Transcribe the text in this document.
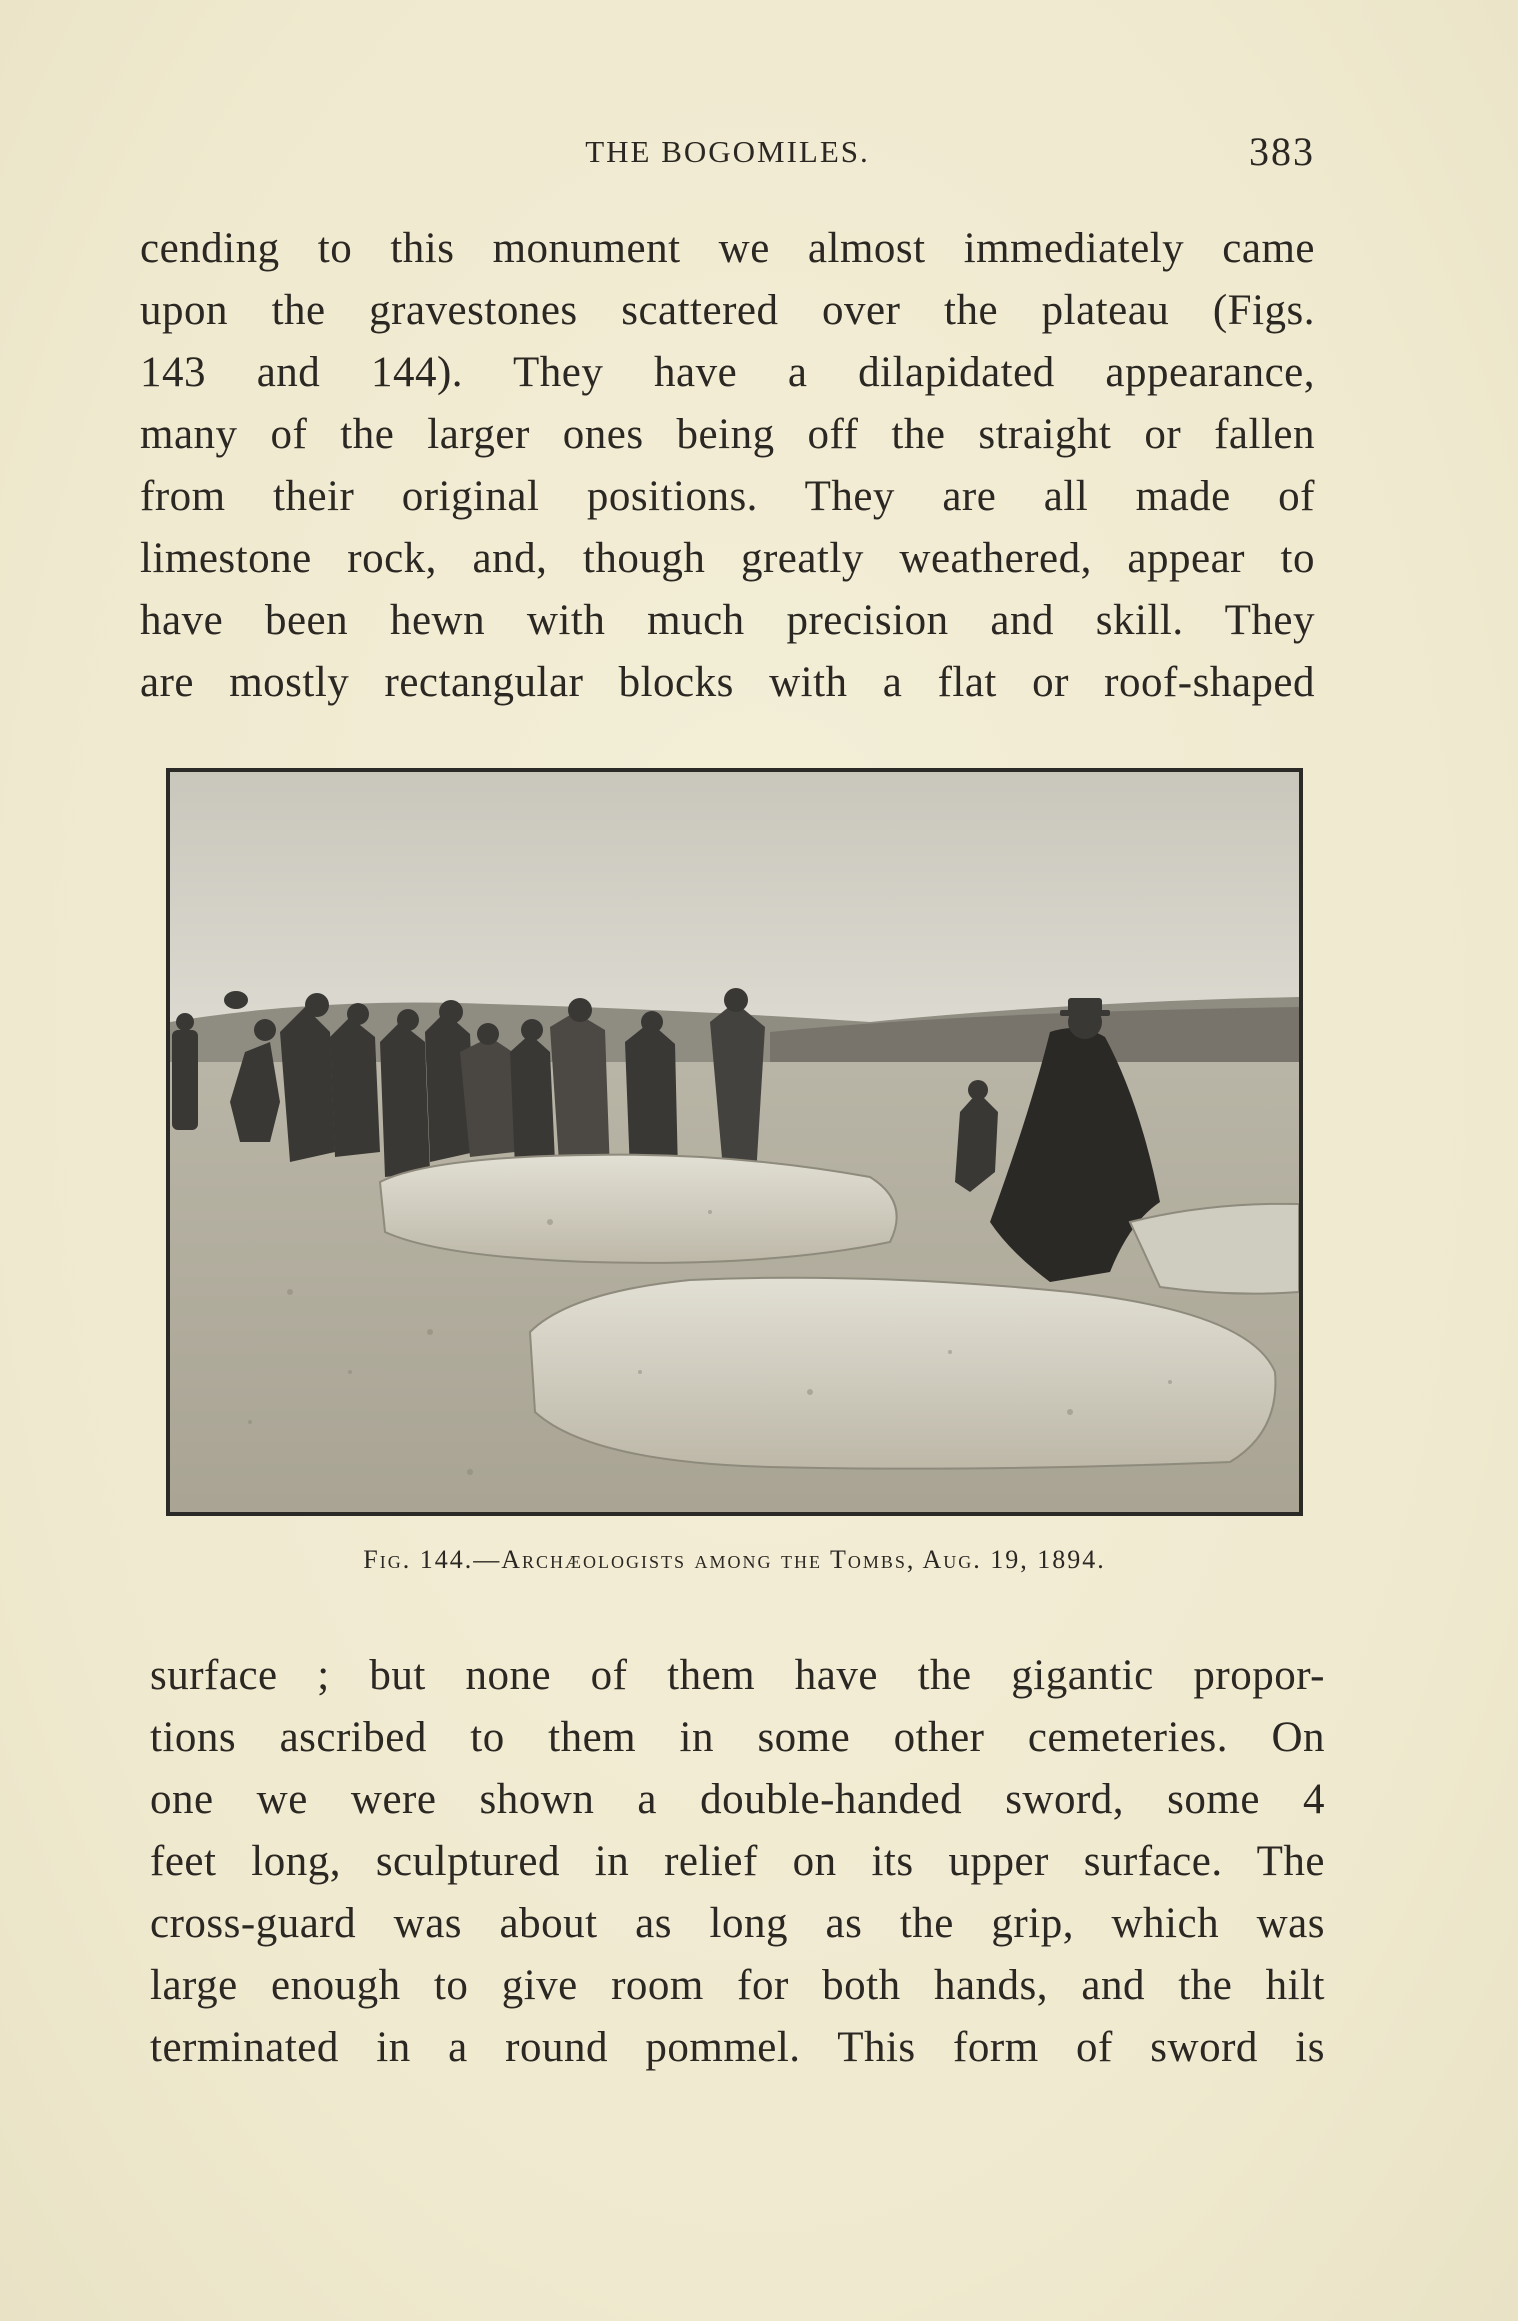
THE BOGOMILES.	383
cending to this monument we almost immediately came
upon the gravestones scattered over the plateau (Figs.
143 and 144). They have a dilapidated appearance,
many of the larger ones being off the straight or fallen
from their original positions. They are all made of
limestone rock, and, though greatly weathered, appear to
have been hewn with much precision and skill. They
are mostly rectangular blocks with a flat or roof-shaped
Fig. 144.—Archæologists among the Tombs, Aug. 19, 1894.
surface ; but none of them have the gigantic propor-
tions ascribed to them in some other cemeteries. On
one we were shown a double-handed sword, some 4
feet long, sculptured in relief on its upper surface. The
cross-guard was about as long as the grip, which was
large enough to give room for both hands, and the hilt
terminated in a round pommel. This form of sword is
